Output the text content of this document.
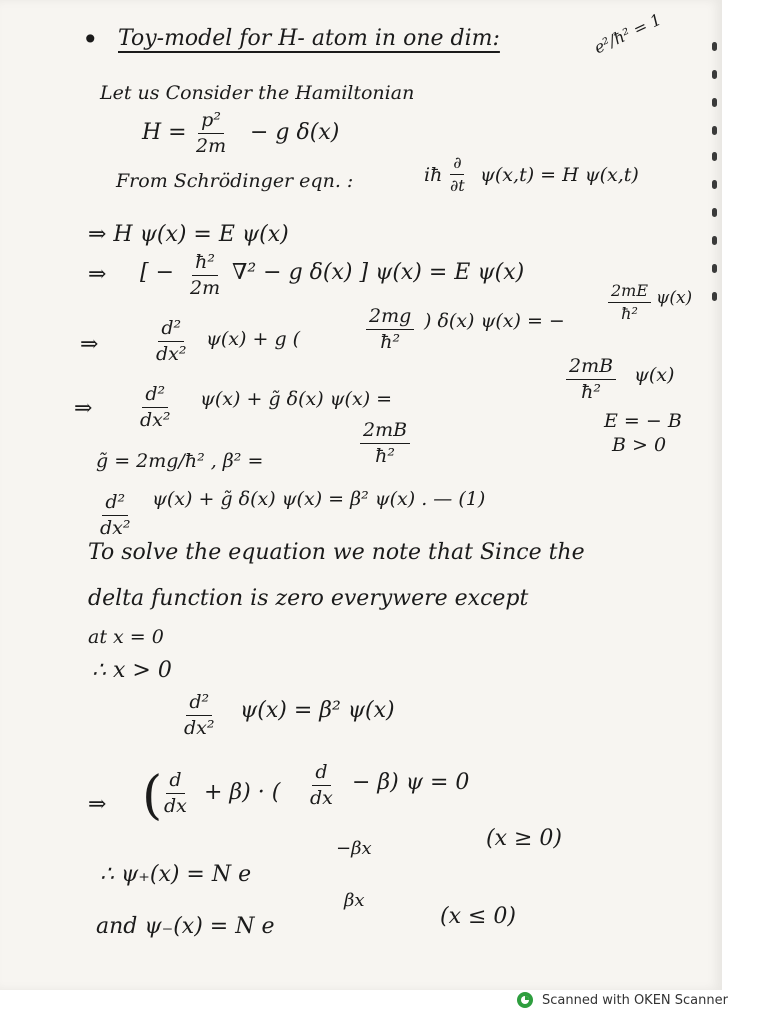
• Toy-model for H- atom in one dim:	e²/ħ² = 1
Let us Consider the Hamiltonian
$H = \frac{\text{p²}}{2m} - g$ δ(x)
From Schrödinger eqn. :	iħ
∂
∂t ψ(x,t) = H ψ(x,t)
⇒ H ψ(x) = E ψ(x)
⇒ [ − $\frac{\text{ħ²}}{2m} \nabla^2 - g$ δ(x) ] ψ(x) = E ψ(x)
⇒	$\frac{\text{d²}}{\text{dx²}} \psi(x) + g$ (	$\frac{2mg}{\text{ħ²}}$ ) δ(x) ψ(x) = −	$\frac{2mE}{\text{ħ²}} \psi(x)$
⇒	$\frac{\text{d²}}{\text{dx²}} \psi(x)$ + g̃ δ(x) ψ(x) =	$\frac{2mB}{\text{ħ²}} \psi(x)$
g̃ = 2mg/ħ² , β² =	$\frac{2mB}{\text{ħ²}}$	E = − B
B > 0
$\frac{\text{d²}}{\text{dx²}} \psi(x)$ + g̃ δ(x) ψ(x) = β² ψ(x) . — (1)
To solve the equation we note that Since the
delta function is zero everywere except
at x = 0
∴ x > 0
$\frac{\text{d²}}{\text{dx²}} \psi(x) = \beta^2$ ψ(x)
⇒ ( $\frac{d}{dx} + \beta$) · ( $\frac{d}{dx} - \beta$) ψ = 0
∴ ψ₊(x) = N e
−βx	(x ≥ 0)
and ψ₋(x) = N e
βx
(x ≤ 0)
Scanned with OKEN Scanner
